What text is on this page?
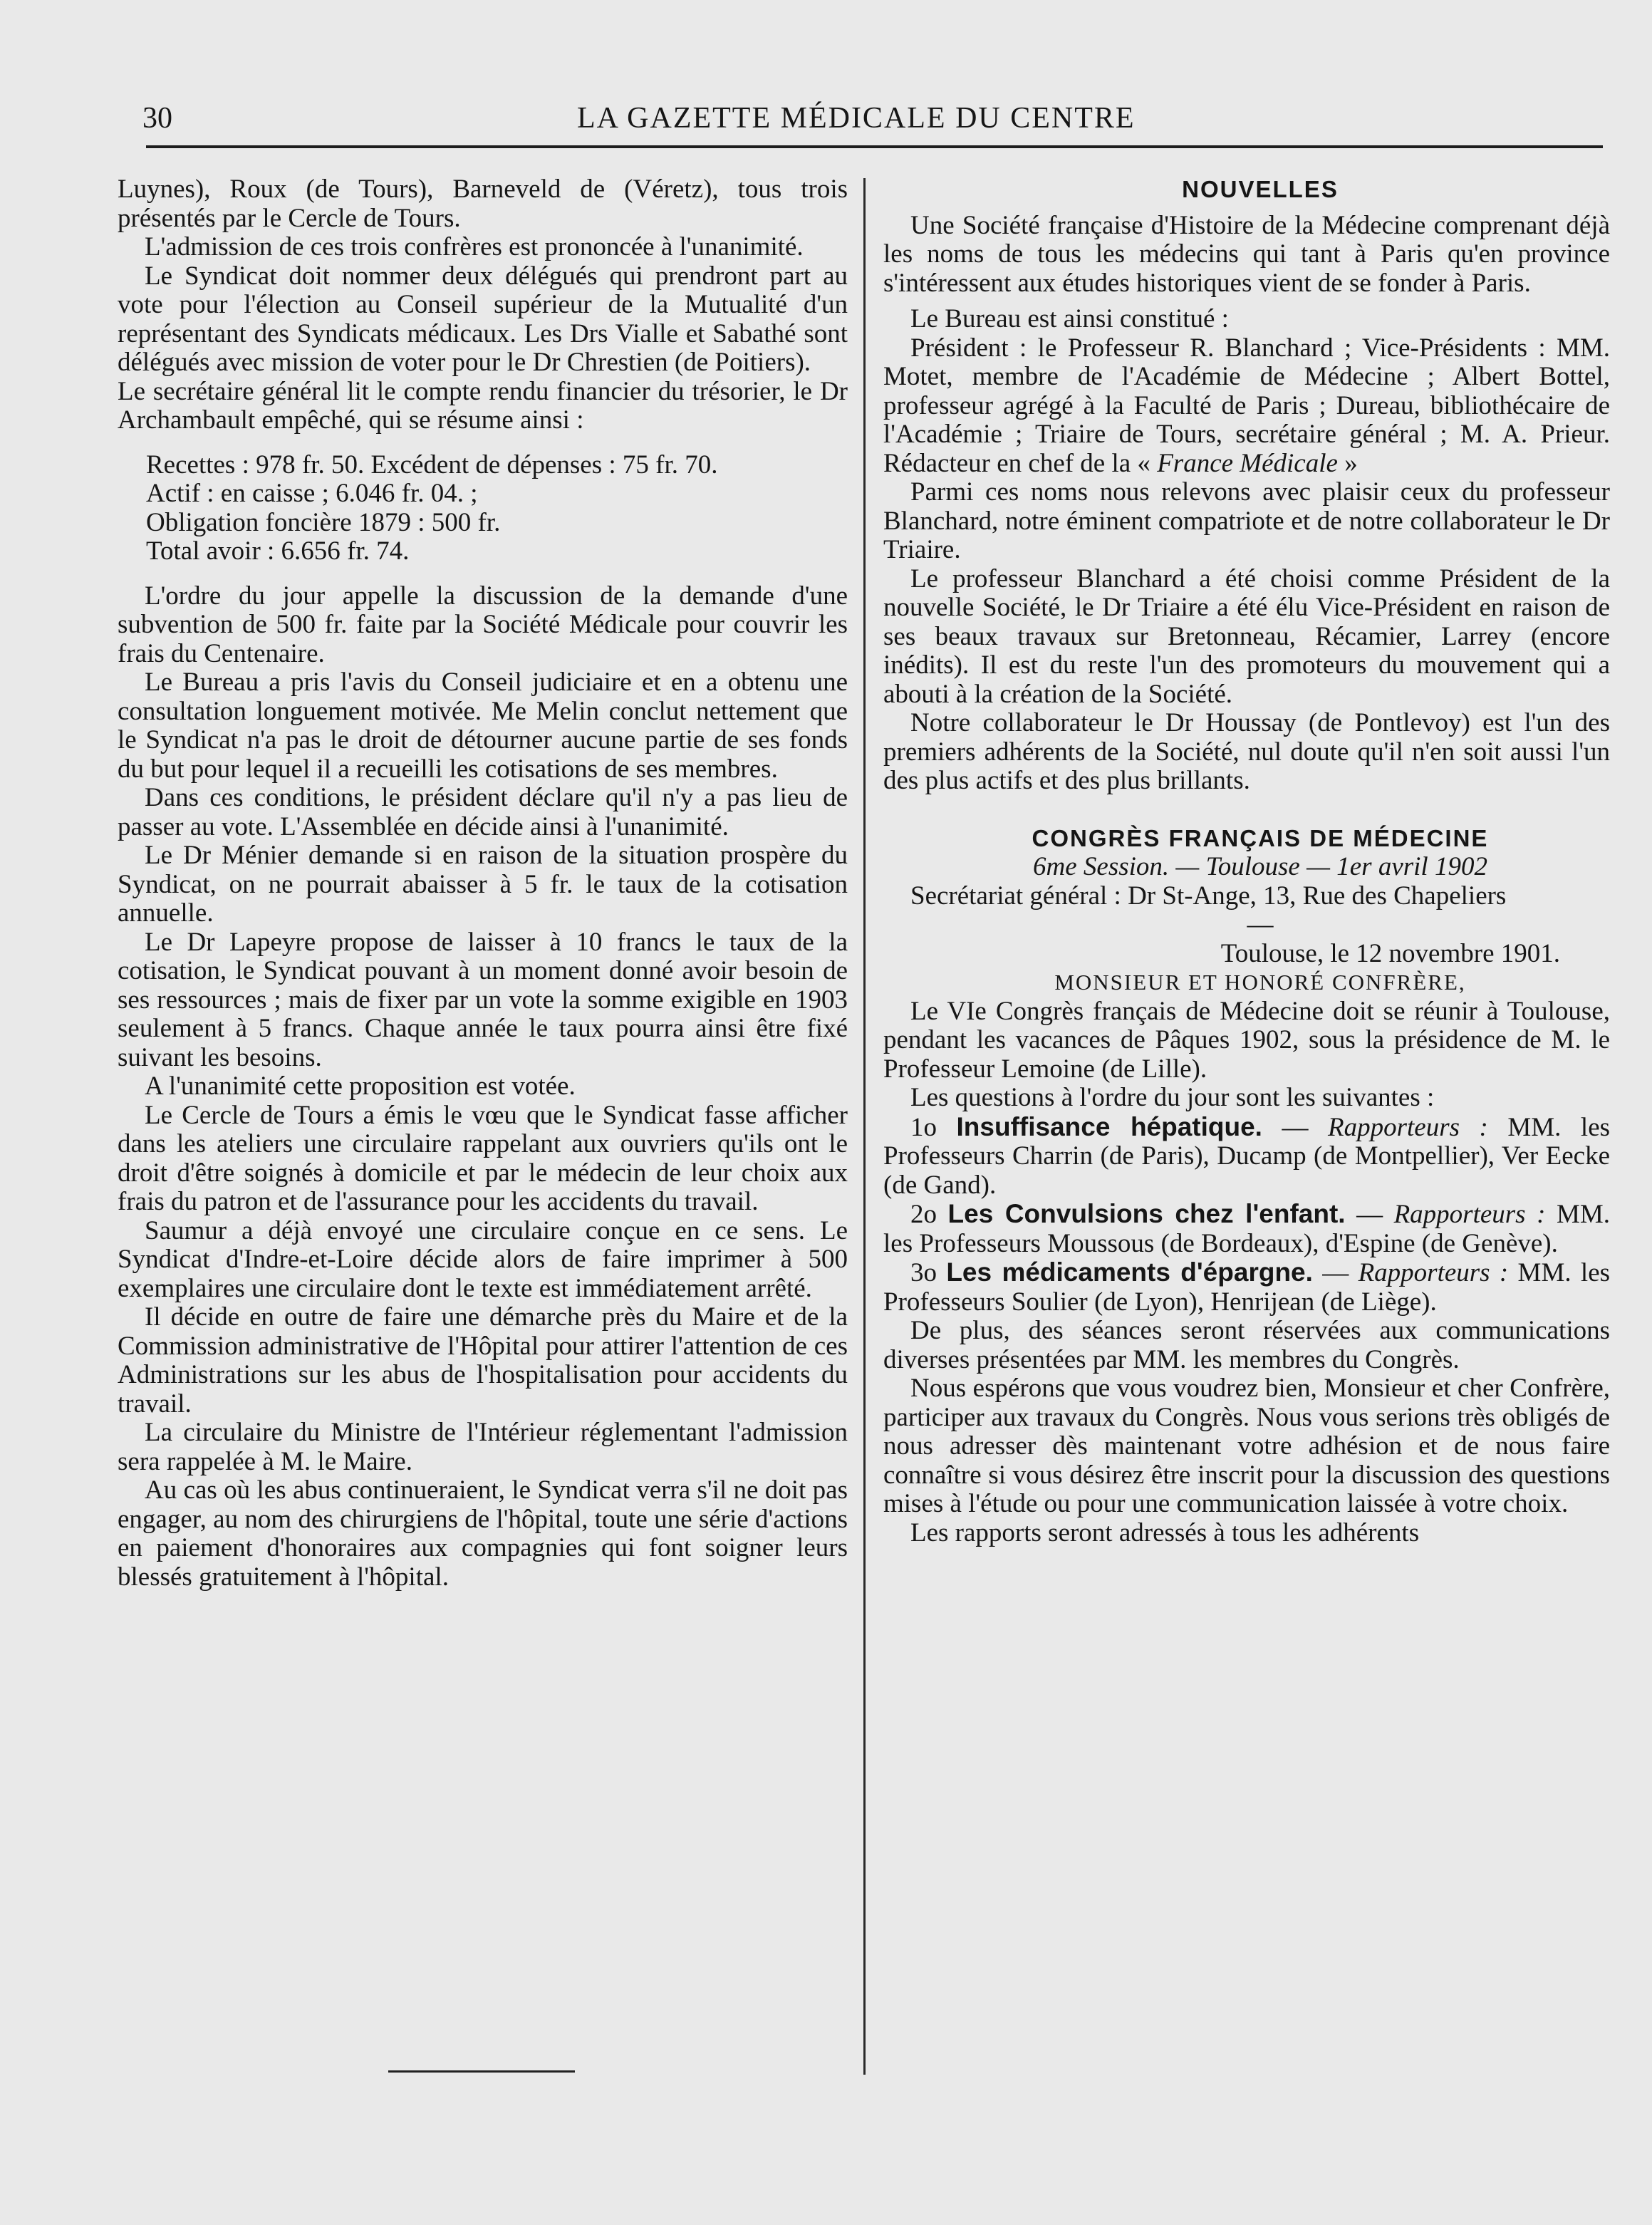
30	LA GAZETTE MÉDICALE DU CENTRE

Luynes), Roux (de Tours), Barneveld de (Véretz), tous trois présentés par le Cercle de Tours.

L'admission de ces trois confrères est prononcée à l'unanimité.

Le Syndicat doit nommer deux délégués qui prendront part au vote pour l'élection au Conseil supérieur de la Mutualité d'un représentant des Syndicats médicaux. Les Drs Vialle et Sabathé sont délégués avec mission de voter pour le Dr Chrestien (de Poitiers).

Le secrétaire général lit le compte rendu financier du trésorier, le Dr Archambault empêché, qui se résume ainsi :

Recettes : 978 fr. 50. Excédent de dépenses : 75 fr. 70.
Actif : en caisse ; 6.046 fr. 04. ;
Obligation foncière 1879 : 500 fr.
Total avoir : 6.656 fr. 74.

L'ordre du jour appelle la discussion de la demande d'une subvention de 500 fr. faite par la Société Médicale pour couvrir les frais du Centenaire.

Le Bureau a pris l'avis du Conseil judiciaire et en a obtenu une consultation longuement motivée. Me Melin conclut nettement que le Syndicat n'a pas le droit de détourner aucune partie de ses fonds du but pour lequel il a recueilli les cotisations de ses membres.

Dans ces conditions, le président déclare qu'il n'y a pas lieu de passer au vote. L'Assemblée en décide ainsi à l'unanimité.

Le Dr Ménier demande si en raison de la situation prospère du Syndicat, on ne pourrait abaisser à 5 fr. le taux de la cotisation annuelle.

Le Dr Lapeyre propose de laisser à 10 francs le taux de la cotisation, le Syndicat pouvant à un moment donné avoir besoin de ses ressources ; mais de fixer par un vote la somme exigible en 1903 seulement à 5 francs. Chaque année le taux pourra ainsi être fixé suivant les besoins.

A l'unanimité cette proposition est votée.

Le Cercle de Tours a émis le vœu que le Syndicat fasse afficher dans les ateliers une circulaire rappelant aux ouvriers qu'ils ont le droit d'être soignés à domicile et par le médecin de leur choix aux frais du patron et de l'assurance pour les accidents du travail.

Saumur a déjà envoyé une circulaire conçue en ce sens. Le Syndicat d'Indre-et-Loire décide alors de faire imprimer à 500 exemplaires une circulaire dont le texte est immédiatement arrêté.

Il décide en outre de faire une démarche près du Maire et de la Commission administrative de l'Hôpital pour attirer l'attention de ces Administrations sur les abus de l'hospitalisation pour accidents du travail.

La circulaire du Ministre de l'Intérieur réglementant l'admission sera rappelée à M. le Maire.

Au cas où les abus continueraient, le Syndicat verra s'il ne doit pas engager, au nom des chirurgiens de l'hôpital, toute une série d'actions en paiement d'honoraires aux compagnies qui font soigner leurs blessés gratuitement à l'hôpital.

NOUVELLES

Une Société française d'Histoire de la Médecine comprenant déjà les noms de tous les médecins qui tant à Paris qu'en province s'intéressent aux études historiques vient de se fonder à Paris.

Le Bureau est ainsi constitué :

Président : le Professeur R. Blanchard ; Vice-Présidents : MM. Motet, membre de l'Académie de Médecine ; Albert Bottel, professeur agrégé à la Faculté de Paris ; Dureau, bibliothécaire de l'Académie ; Triaire de Tours, secrétaire général ; M. A. Prieur. Rédacteur en chef de la « France Médicale »

Parmi ces noms nous relevons avec plaisir ceux du professeur Blanchard, notre éminent compatriote et de notre collaborateur le Dr Triaire.

Le professeur Blanchard a été choisi comme Président de la nouvelle Société, le Dr Triaire a été élu Vice-Président en raison de ses beaux travaux sur Bretonneau, Récamier, Larrey (encore inédits). Il est du reste l'un des promoteurs du mouvement qui a abouti à la création de la Société.

Notre collaborateur le Dr Houssay (de Pontlevoy) est l'un des premiers adhérents de la Société, nul doute qu'il n'en soit aussi l'un des plus actifs et des plus brillants.

CONGRÈS FRANÇAIS DE MÉDECINE

6me Session. — Toulouse — 1er avril 1902

Secrétariat général : Dr St-Ange, 13, Rue des Chapeliers

—

Toulouse, le 12 novembre 1901.

MONSIEUR ET HONORÉ CONFRÈRE,

Le VIe Congrès français de Médecine doit se réunir à Toulouse, pendant les vacances de Pâques 1902, sous la présidence de M. le Professeur Lemoine (de Lille).

Les questions à l'ordre du jour sont les suivantes :

1o Insuffisance hépatique. — Rapporteurs : MM. les Professeurs Charrin (de Paris), Ducamp (de Montpellier), Ver Eecke (de Gand).

2o Les Convulsions chez l'enfant. — Rapporteurs : MM. les Professeurs Moussous (de Bordeaux), d'Espine (de Genève).

3o Les médicaments d'épargne. — Rapporteurs : MM. les Professeurs Soulier (de Lyon), Henrijean (de Liège).

De plus, des séances seront réservées aux communications diverses présentées par MM. les membres du Congrès.

Nous espérons que vous voudrez bien, Monsieur et cher Confrère, participer aux travaux du Congrès. Nous vous serions très obligés de nous adresser dès maintenant votre adhésion et de nous faire connaître si vous désirez être inscrit pour la discussion des questions mises à l'étude ou pour une communication laissée à votre choix.

Les rapports seront adressés à tous les adhérents
